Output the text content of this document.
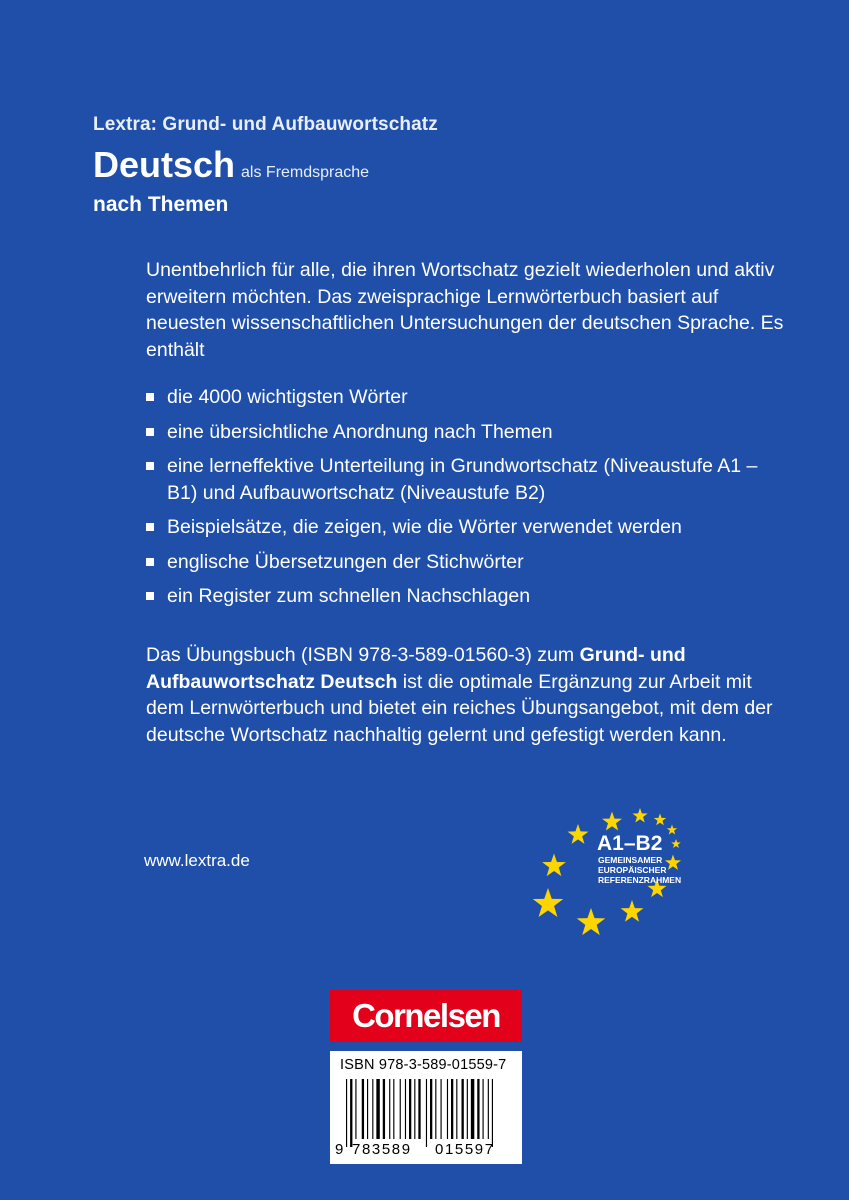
Lextra: Grund- und Aufbauwortschatz
Deutsch als Fremdsprache
nach Themen

Unentbehrlich für alle, die ihren Wortschatz gezielt wiederholen und aktiv erweitern möchten. Das zweisprachige Lernwörterbuch basiert auf neuesten wissenschaftlichen Untersuchungen der deutschen Sprache. Es enthält

die 4000 wichtigsten Wörter
eine übersichtliche Anordnung nach Themen
eine lerneffektive Unterteilung in Grundwortschatz (Niveaustufe A1 – B1) und Aufbauwortschatz (Niveaustufe B2)
Beispielsätze, die zeigen, wie die Wörter verwendet werden
englische Übersetzungen der Stichwörter
ein Register zum schnellen Nachschlagen

Das Übungsbuch (ISBN 978-3-589-01560-3) zum Grund- und Aufbauwortschatz Deutsch ist die optimale Ergänzung zur Arbeit mit dem Lernwörterbuch und bietet ein reiches Übungsangebot, mit dem der deutsche Wortschatz nachhaltig gelernt und gefestigt werden kann.

www.lextra.de
A1–B2
GEMEINSAMER
EUROPÄISCHER
REFERENZRAHMEN
Cornelsen
ISBN 978-3-589-01559-7
9 783589 015597
